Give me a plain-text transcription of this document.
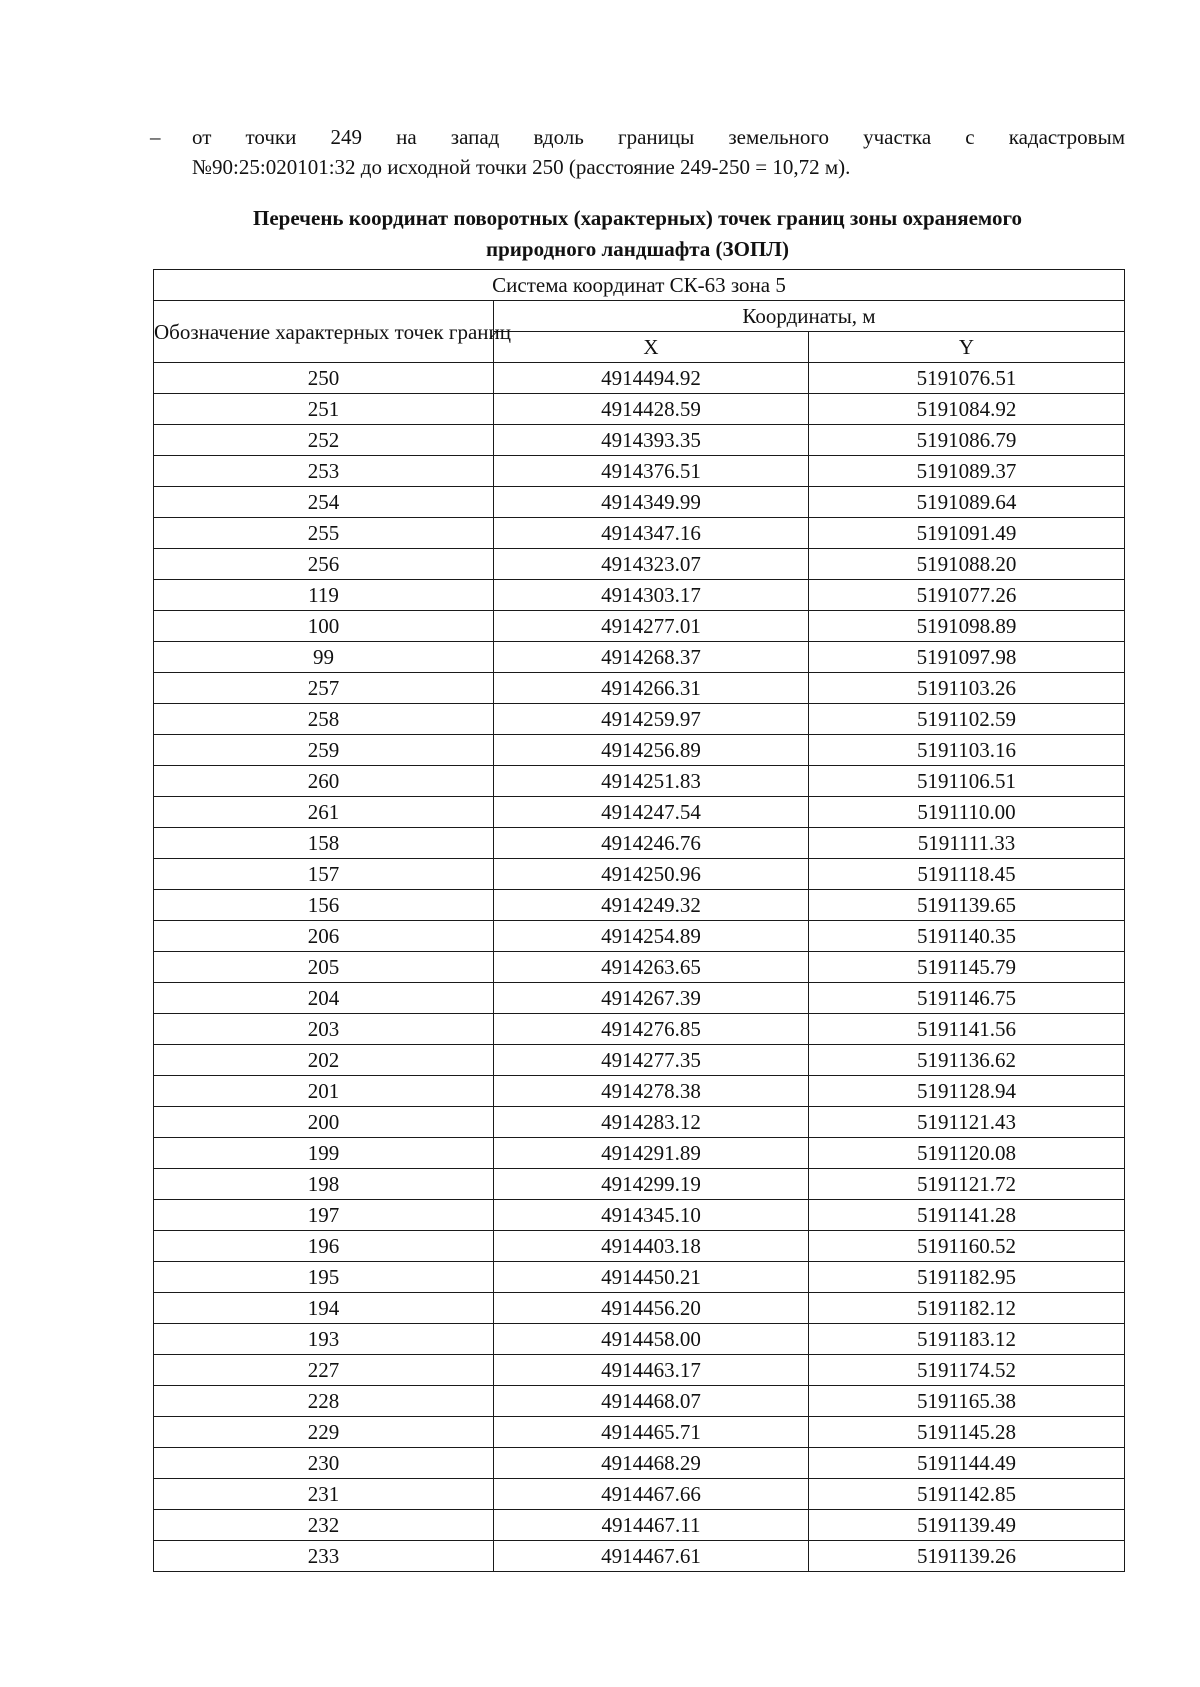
– от точки 249 на запад вдоль границы земельного участка с кадастровым
№90:25:020101:32 до исходной точки 250 (расстояние 249-250 = 10,72 м).
Перечень координат поворотных (характерных) точек границ зоны охраняемого
природного ландшафта (ЗОПЛ)
Система координат СК-63 зона 5		
Обозначение характерных точек границ	Координаты, м	
	X	Y
250	4914494.92	5191076.51
251	4914428.59	5191084.92
252	4914393.35	5191086.79
253	4914376.51	5191089.37
254	4914349.99	5191089.64
255	4914347.16	5191091.49
256	4914323.07	5191088.20
119	4914303.17	5191077.26
100	4914277.01	5191098.89
99	4914268.37	5191097.98
257	4914266.31	5191103.26
258	4914259.97	5191102.59
259	4914256.89	5191103.16
260	4914251.83	5191106.51
261	4914247.54	5191110.00
158	4914246.76	5191111.33
157	4914250.96	5191118.45
156	4914249.32	5191139.65
206	4914254.89	5191140.35
205	4914263.65	5191145.79
204	4914267.39	5191146.75
203	4914276.85	5191141.56
202	4914277.35	5191136.62
201	4914278.38	5191128.94
200	4914283.12	5191121.43
199	4914291.89	5191120.08
198	4914299.19	5191121.72
197	4914345.10	5191141.28
196	4914403.18	5191160.52
195	4914450.21	5191182.95
194	4914456.20	5191182.12
193	4914458.00	5191183.12
227	4914463.17	5191174.52
228	4914468.07	5191165.38
229	4914465.71	5191145.28
230	4914468.29	5191144.49
231	4914467.66	5191142.85
232	4914467.11	5191139.49
233	4914467.61	5191139.26
